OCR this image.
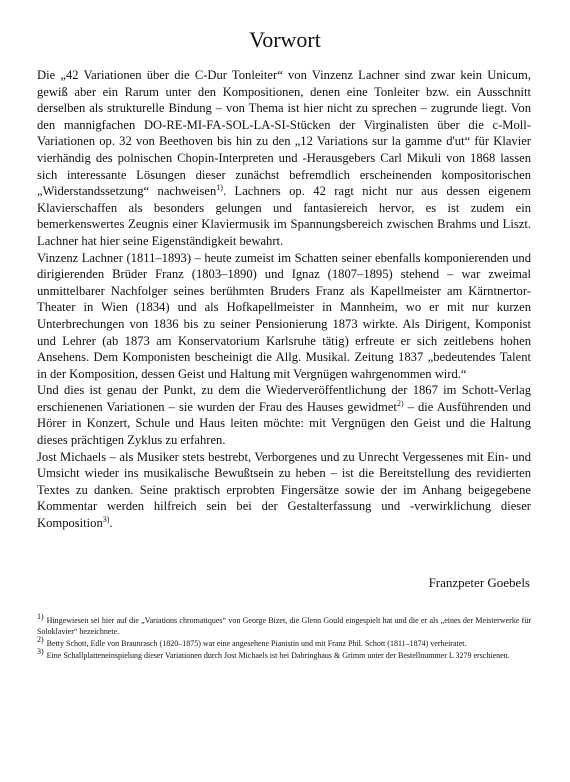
Vorwort

Die „42 Variationen über die C-Dur Tonleiter“ von Vinzenz Lachner sind zwar kein Unicum, gewiß aber ein Rarum unter den Kompositionen, denen eine Tonleiter bzw. ein Ausschnitt derselben als strukturelle Bindung – von Thema ist hier nicht zu sprechen – zugrunde liegt. Von den mannigfachen DO-RE-MI-FA-SOL-LA-SI-Stücken der Virginalisten über die c-Moll-Variationen op. 32 von Beethoven bis hin zu den „12 Variations sur la gamme d'ut“ für Klavier vierhändig des polnischen Chopin-Interpreten und -Herausgebers Carl Mikuli von 1868 lassen sich interessante Lösungen dieser zunächst befremdlich erscheinenden kompositorischen „Widerstandssetzung“ nachweisen$^{1)}$. Lachners op. 42 ragt nicht nur aus dessen eigenem Klavierschaffen als besonders gelungen und fantasiereich hervor, es ist zudem ein bemerkenswertes Zeugnis einer Klaviermusik im Spannungsbereich zwischen Brahms und Liszt. Lachner hat hier seine Eigenständigkeit bewahrt.

Vinzenz Lachner (1811–1893) – heute zumeist im Schatten seiner ebenfalls komponierenden und dirigierenden Brüder Franz (1803–1890) und Ignaz (1807–1895) stehend – war zweimal unmittelbarer Nachfolger seines berühmten Bruders Franz als Kapellmeister am Kärntnertor-Theater in Wien (1834) und als Hofkapellmeister in Mannheim, wo er mit nur kurzen Unterbrechungen von 1836 bis zu seiner Pensionierung 1873 wirkte. Als Dirigent, Komponist und Lehrer (ab 1873 am Konservatorium Karlsruhe tätig) erfreute er sich zeitlebens hohen Ansehens. Dem Komponisten bescheinigt die Allg. Musikal. Zeitung 1837 „bedeutendes Talent in der Komposition, dessen Geist und Haltung mit Vergnügen wahrgenommen wird.“

Und dies ist genau der Punkt, zu dem die Wiederveröffentlichung der 1867 im Schott-Verlag erschienenen Variationen – sie wurden der Frau des Hauses gewidmet$^{2)}$ – die Ausführenden und Hörer in Konzert, Schule und Haus leiten möchte: mit Vergnügen den Geist und die Haltung dieses prächtigen Zyklus zu erfahren.

Jost Michaels – als Musiker stets bestrebt, Verborgenes und zu Unrecht Vergessenes mit Ein- und Umsicht wieder ins musikalische Bewußtsein zu heben – ist die Bereitstellung des revidierten Textes zu danken. Seine praktisch erprobten Fingersätze sowie der im Anhang beigegebene Kommentar werden hilfreich sein bei der Gestalterfassung und -verwirklichung dieser Komposition$^{3)}$.

Franzpeter Goebels

$^{1)}$ Hingewiesen sei hier auf die „Variations chromatiques“ von George Bizet, die Glenn Gould eingespielt hat und die er als „eines der Meisterwerke für Soloklavier“ bezeichnete.

$^{2)}$ Betty Schott, Edle von Braunrasch (1820–1875) war eine angesehene Pianistin und mit Franz Phil. Schott (1811–1874) verheiratet.

$^{3)}$ Eine Schallplatteneinspielung dieser Variationen durch Jost Michaels ist bei Dabringhaus & Grimm unter der Bestellnummer L 3279 erschienen.
